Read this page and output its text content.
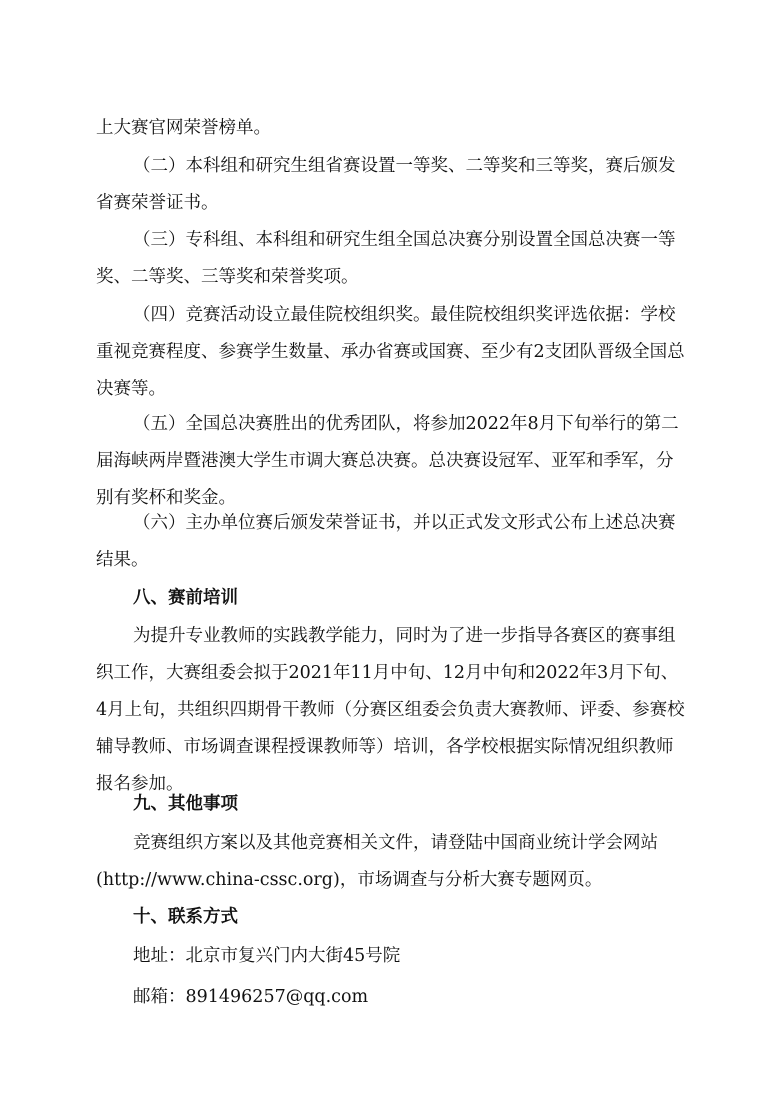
上大赛官网荣誉榜单。

（二）本科组和研究生组省赛设置一等奖、二等奖和三等奖，赛后颁发省赛荣誉证书。

（三）专科组、本科组和研究生组全国总决赛分别设置全国总决赛一等奖、二等奖、三等奖和荣誉奖项。

（四）竞赛活动设立最佳院校组织奖。最佳院校组织奖评选依据：学校重视竞赛程度、参赛学生数量、承办省赛或国赛、至少有2支团队晋级全国总决赛等。

（五）全国总决赛胜出的优秀团队，将参加2022年8月下旬举行的第二届海峡两岸暨港澳大学生市调大赛总决赛。总决赛设冠军、亚军和季军，分别有奖杯和奖金。

（六）主办单位赛后颁发荣誉证书，并以正式发文形式公布上述总决赛结果。

八、赛前培训

为提升专业教师的实践教学能力，同时为了进一步指导各赛区的赛事组织工作，大赛组委会拟于2021年11月中旬、12月中旬和2022年3月下旬、4月上旬，共组织四期骨干教师（分赛区组委会负责大赛教师、评委、参赛校辅导教师、市场调查课程授课教师等）培训，各学校根据实际情况组织教师报名参加。

九、其他事项

竞赛组织方案以及其他竞赛相关文件，请登陆中国商业统计学会网站(http://www.china-cssc.org)，市场调查与分析大赛专题网页。

十、联系方式

地址：北京市复兴门内大街45号院

邮箱：891496257@qq.com
